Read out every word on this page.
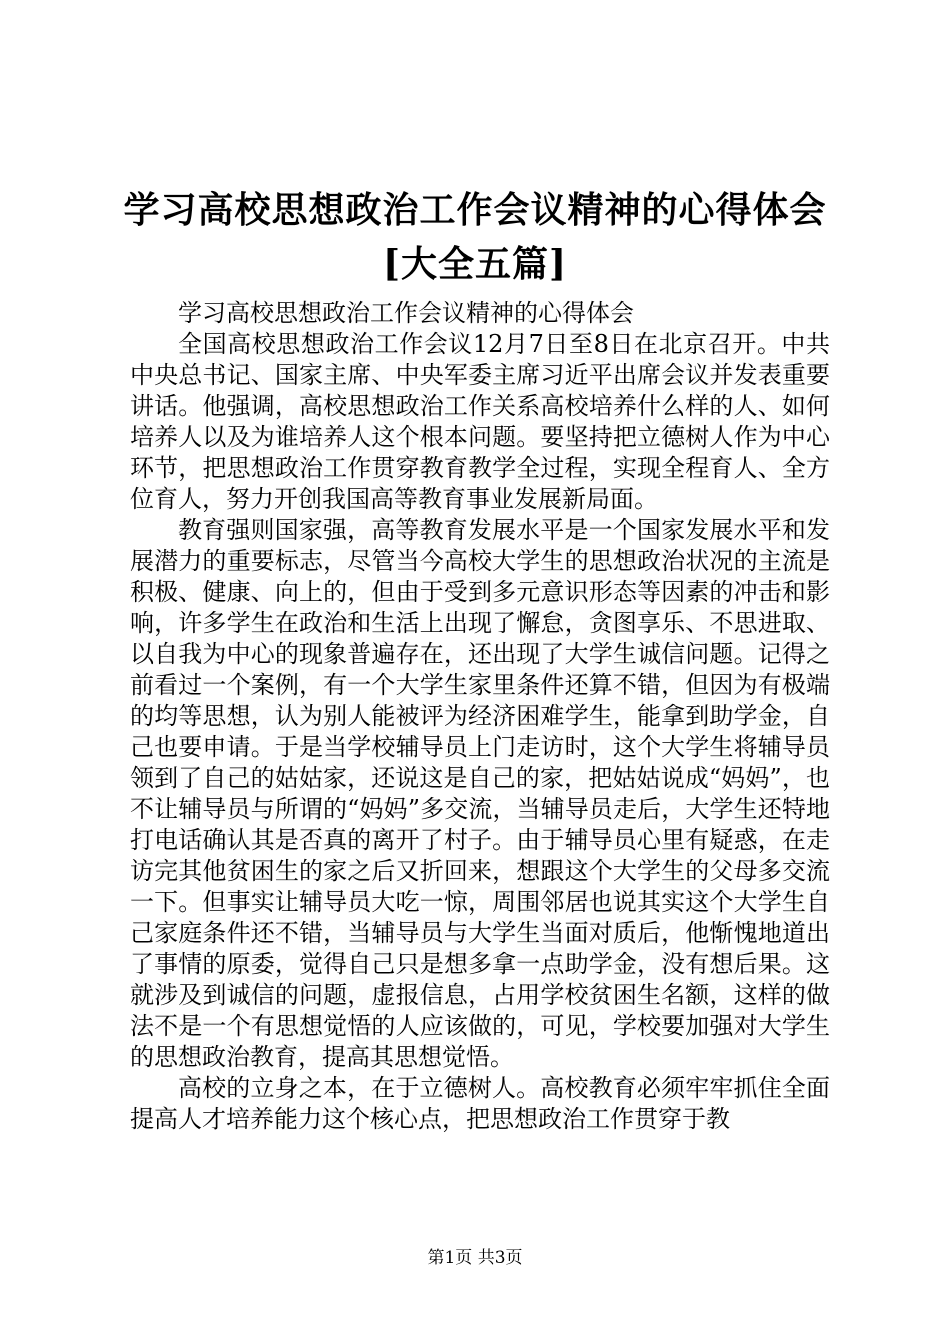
学习高校思想政治工作会议精神的心得体会
[大全五篇]

学习高校思想政治工作会议精神的心得体会

全国高校思想政治工作会议12月7日至8日在北京召开。中共中央总书记、国家主席、中央军委主席习近平出席会议并发表重要讲话。他强调，高校思想政治工作关系高校培养什么样的人、如何培养人以及为谁培养人这个根本问题。要坚持把立德树人作为中心环节，把思想政治工作贯穿教育教学全过程，实现全程育人、全方位育人，努力开创我国高等教育事业发展新局面。

教育强则国家强，高等教育发展水平是一个国家发展水平和发展潜力的重要标志，尽管当今高校大学生的思想政治状况的主流是积极、健康、向上的，但由于受到多元意识形态等因素的冲击和影响，许多学生在政治和生活上出现了懈怠，贪图享乐、不思进取、以自我为中心的现象普遍存在，还出现了大学生诚信问题。记得之前看过一个案例，有一个大学生家里条件还算不错，但因为有极端的均等思想，认为别人能被评为经济困难学生，能拿到助学金，自己也要申请。于是当学校辅导员上门走访时，这个大学生将辅导员领到了自己的姑姑家，还说这是自己的家，把姑姑说成“妈妈”，也不让辅导员与所谓的“妈妈”多交流，当辅导员走后，大学生还特地打电话确认其是否真的离开了村子。由于辅导员心里有疑惑，在走访完其他贫困生的家之后又折回来，想跟这个大学生的父母多交流一下。但事实让辅导员大吃一惊，周围邻居也说其实这个大学生自己家庭条件还不错，当辅导员与大学生当面对质后，他惭愧地道出了事情的原委，觉得自己只是想多拿一点助学金，没有想后果。这就涉及到诚信的问题，虚报信息，占用学校贫困生名额，这样的做法不是一个有思想觉悟的人应该做的，可见，学校要加强对大学生的思想政治教育，提高其思想觉悟。

高校的立身之本，在于立德树人。高校教育必须牢牢抓住全面提高人才培养能力这个核心点，把思想政治工作贯穿于教

第1页 共3页
